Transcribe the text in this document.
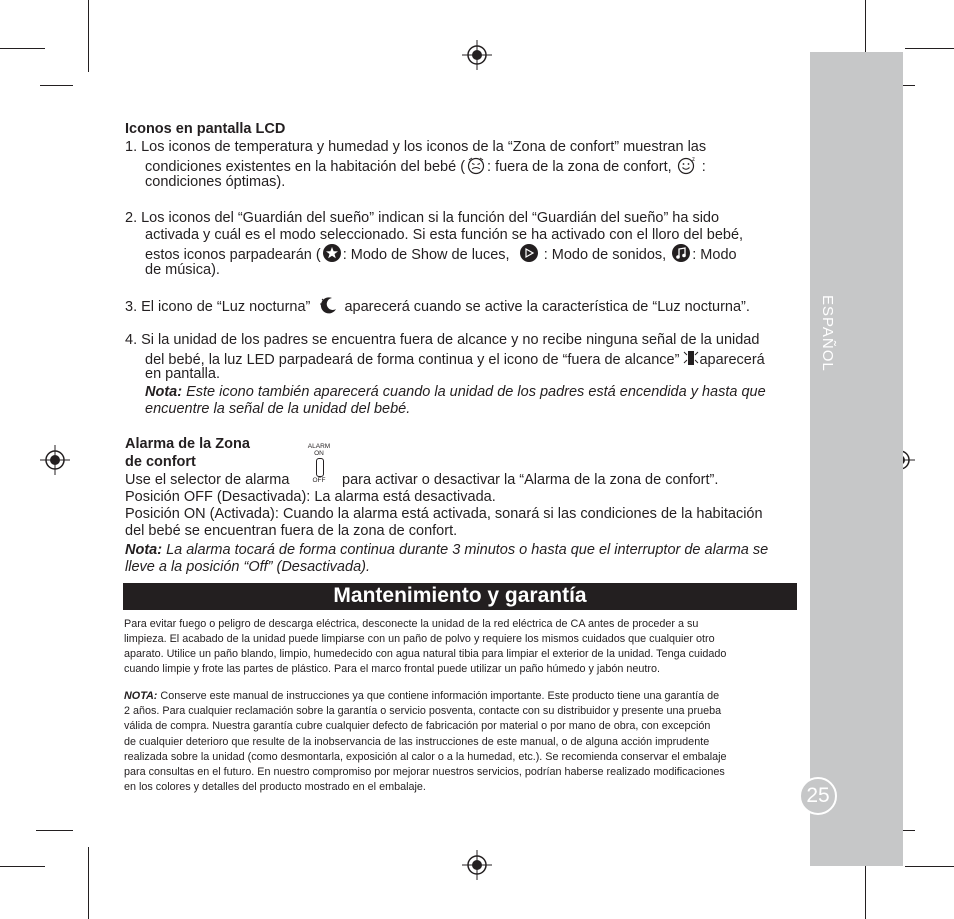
ESPAÑOL
25
Iconos en pantalla LCD
1. Los iconos de temperatura y humedad y los iconos de la “Zona de confort” muestran las
condiciones existentes en la habitación del bebé ( : fuera de la zona de confort,	z :
condiciones óptimas).
2. Los iconos del “Guardián del sueño” indican si la función del “Guardián del sueño” ha sido
activada y cuál es el modo seleccionado. Si esta función se ha activado con el lloro del bebé,
estos iconos parpadearán ( : Modo de Show de luces, : Modo de sonidos, : Modo
de música).
3. El icono de “Luz nocturna” aparecerá cuando se active la característica de “Luz nocturna”.
4. Si la unidad de los padres se encuentra fuera de alcance y no recibe ninguna señal de la unidad
del bebé, la luz LED parpadeará de forma continua y el icono de “fuera de alcance” aparecerá
en pantalla.
Nota: Este icono también aparecerá cuando la unidad de los padres está encendida y hasta que
encuentre la señal de la unidad del bebé.
Alarma de la Zona
de confort
ALARM ON
OFF
Use el selector de alarma	para activar o desactivar la “Alarma de la zona de confort”.
Posición OFF (Desactivada): La alarma está desactivada.
Posición ON (Activada): Cuando la alarma está activada, sonará si las condiciones de la habitación
del bebé se encuentran fuera de la zona de confort.
Nota: La alarma tocará de forma continua durante 3 minutos o hasta que el interruptor de alarma se
lleve a la posición “Off” (Desactivada).
Mantenimiento y garantía
Para evitar fuego o peligro de descarga eléctrica, desconecte la unidad de la red eléctrica de CA antes de proceder a su
limpieza. El acabado de la unidad puede limpiarse con un paño de polvo y requiere los mismos cuidados que cualquier otro
aparato. Utilice un paño blando, limpio, humedecido con agua natural tibia para limpiar el exterior de la unidad. Tenga cuidado
cuando limpie y frote las partes de plástico. Para el marco frontal puede utilizar un paño húmedo y jabón neutro.
NOTA: Conserve este manual de instrucciones ya que contiene información importante. Este producto tiene una garantía de
2 años. Para cualquier reclamación sobre la garantía o servicio posventa, contacte con su distribuidor y presente una prueba
válida de compra. Nuestra garantía cubre cualquier defecto de fabricación por material o por mano de obra, con excepción
de cualquier deterioro que resulte de la inobservancia de las instrucciones de este manual, o de alguna acción imprudente
realizada sobre la unidad (como desmontarla, exposición al calor o a la humedad, etc.). Se recomienda conservar el embalaje
para consultas en el futuro. En nuestro compromiso por mejorar nuestros servicios, podrían haberse realizado modificaciones
en los colores y detalles del producto mostrado en el embalaje.
